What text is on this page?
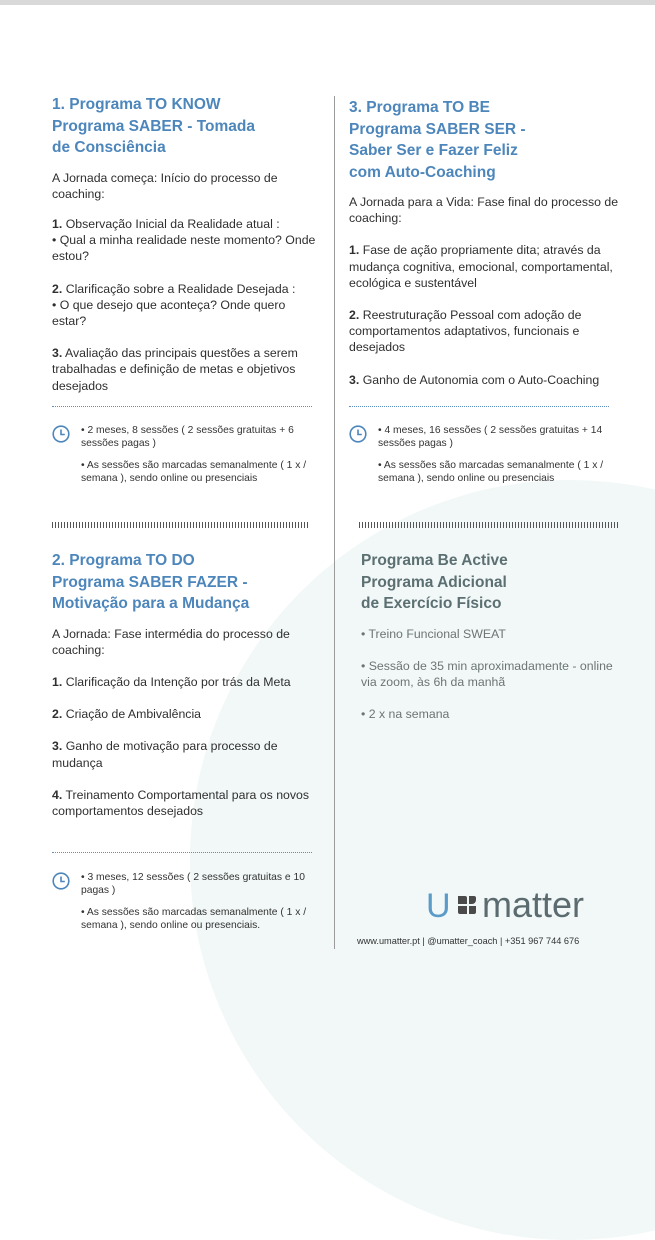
1. Programa TO KNOW
Programa SABER - Tomada
de Consciência
A Jornada começa: Início do processo de coaching:
1. Observação Inicial da Realidade atual :
• Qual a minha realidade neste momento? Onde estou?
2. Clarificação sobre a Realidade Desejada :
• O que desejo que aconteça? Onde quero estar?
3. Avaliação das principais questões a serem trabalhadas e definição de metas e objetivos desejados
• 2 meses, 8 sessões ( 2 sessões gratuitas + 6 sessões pagas )
• As sessões são marcadas semanalmente ( 1 x / semana ), sendo online ou presenciais
3. Programa TO BE
Programa SABER SER -
Saber Ser e Fazer Feliz
com Auto-Coaching
A Jornada para a Vida: Fase final do processo de coaching:
1. Fase de ação propriamente dita; através da mudança cognitiva, emocional, comportamental, ecológica e sustentável
2. Reestruturação Pessoal com adoção de comportamentos adaptativos, funcionais e desejados
3. Ganho de Autonomia com o Auto-Coaching
• 4 meses, 16 sessões ( 2 sessões gratuitas + 14 sessões pagas )
• As sessões são marcadas semanalmente ( 1 x / semana ), sendo online ou presenciais
2. Programa TO DO
Programa SABER FAZER -
Motivação para a Mudança
A Jornada: Fase intermédia do processo de coaching:
1. Clarificação da Intenção por trás da Meta
2. Criação de Ambivalência
3. Ganho de motivação para processo de mudança
4. Treinamento Comportamental para os novos comportamentos desejados
• 3 meses, 12 sessões ( 2 sessões gratuitas e 10 pagas )
• As sessões são marcadas semanalmente ( 1 x / semana ), sendo online ou presenciais.
Programa Be Active
Programa Adicional
de Exercício Físico
• Treino Funcional SWEAT
• Sessão de 35 min aproximadamente - online via zoom, às 6h da manhã
• 2 x na semana
U matter
www.umatter.pt | @umatter_coach | +351 967 744 676
